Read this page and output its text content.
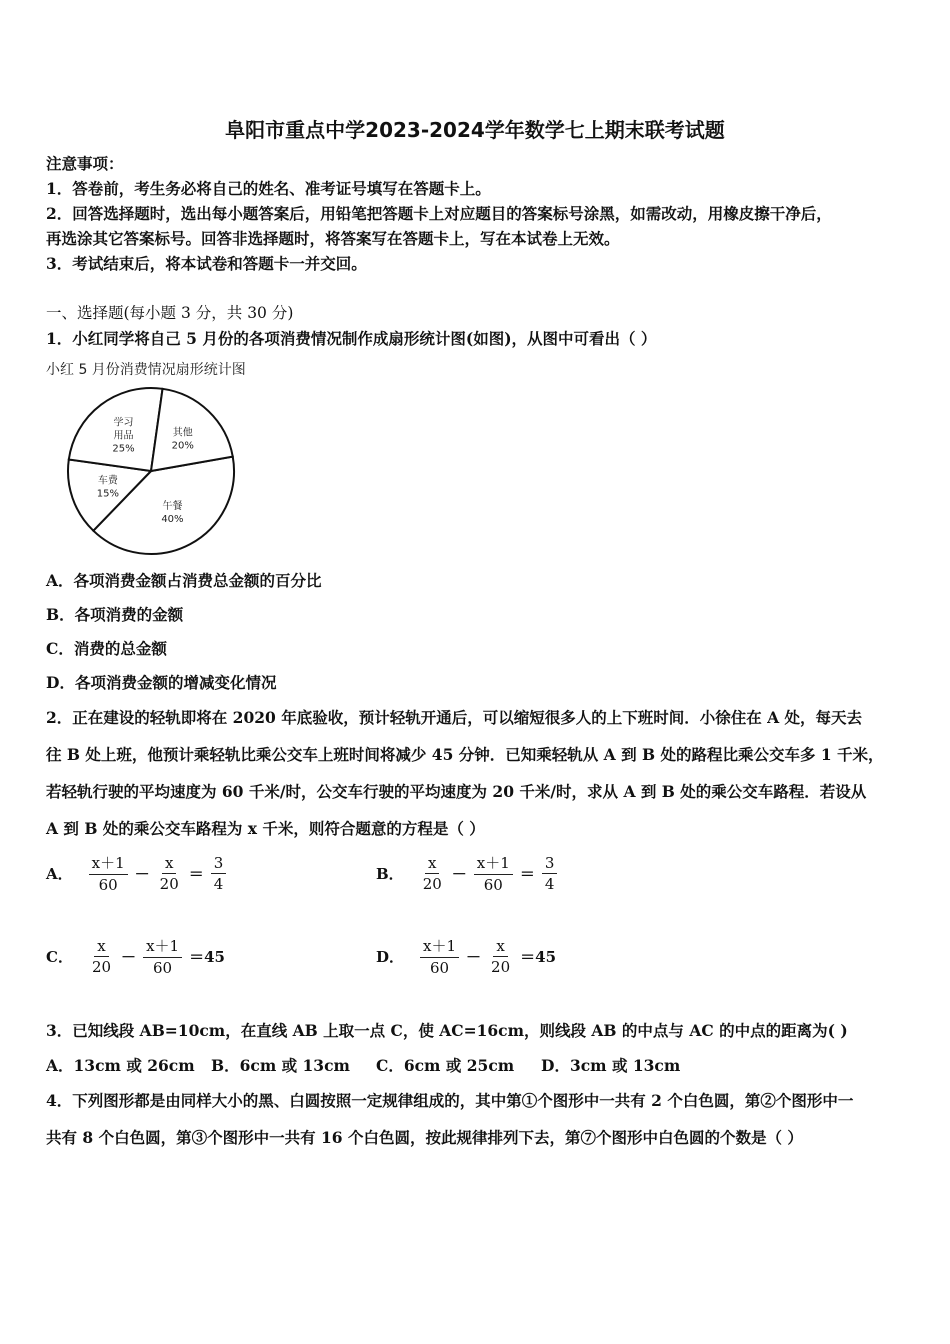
阜阳市重点中学2023-2024学年数学七上期末联考试题
注意事项：
1．答卷前，考生务必将自己的姓名、准考证号填写在答题卡上。
2．回答选择题时，选出每小题答案后，用铅笔把答题卡上对应题目的答案标号涂黑，如需改动，用橡皮擦干净后，
再选涂其它答案标号。回答非选择题时，将答案写在答题卡上，写在本试卷上无效。
3．考试结束后，将本试卷和答题卡一并交回。
一、选择题(每小题 3 分，共 30 分)
1．小红同学将自己 5 月份的各项消费情况制作成扇形统计图(如图)，从图中可看出（ ）
小红 5 月份消费情况扇形统计图
午餐
40%
车费
15%
学习
用品
25%
其他
20%
A．各项消费金额占消费总金额的百分比
B．各项消费的金额
C．消费的总金额
D．各项消费金额的增减变化情况
2．正在建设的轻轨即将在 2020 年底验收，预计轻轨开通后，可以缩短很多人的上下班时间．小徐住在 A 处，每天去
往 B 处上班，他预计乘轻轨比乘公交车上班时间将减少 45 分钟．已知乘轻轨从 A 到 B 处的路程比乘公交车多 1 千米，
若轻轨行驶的平均速度为 60 千米/时，公交车行驶的平均速度为 20 千米/时，求从 A 到 B 处的乘公交车路程．若设从
A 到 B 处的乘公交车路程为 x 千米，则符合题意的方程是（ ）
A． $\frac{x+1}{60} - \frac{x}{20} = \frac{3}{4}$	B． $\frac{x}{20} - \frac{x+1}{60} = \frac{3}{4}$
C． $\frac{x}{20} - \frac{x+1}{60} =45$	D． $\frac{x+1}{60} - \frac{x}{20} =45$
3．已知线段 AB=10cm，在直线 AB 上取一点 C，使 AC=16cm，则线段 AB 的中点与 AC 的中点的距离为( )
A．13cm 或 26cm B．6cm 或 13cm C．6cm 或 25cm D．3cm 或 13cm
4．下列图形都是由同样大小的黑、白圆按照一定规律组成的，其中第①个图形中一共有 2 个白色圆，第②个图形中一
共有 8 个白色圆，第③个图形中一共有 16 个白色圆，按此规律排列下去，第⑦个图形中白色圆的个数是（ ）
